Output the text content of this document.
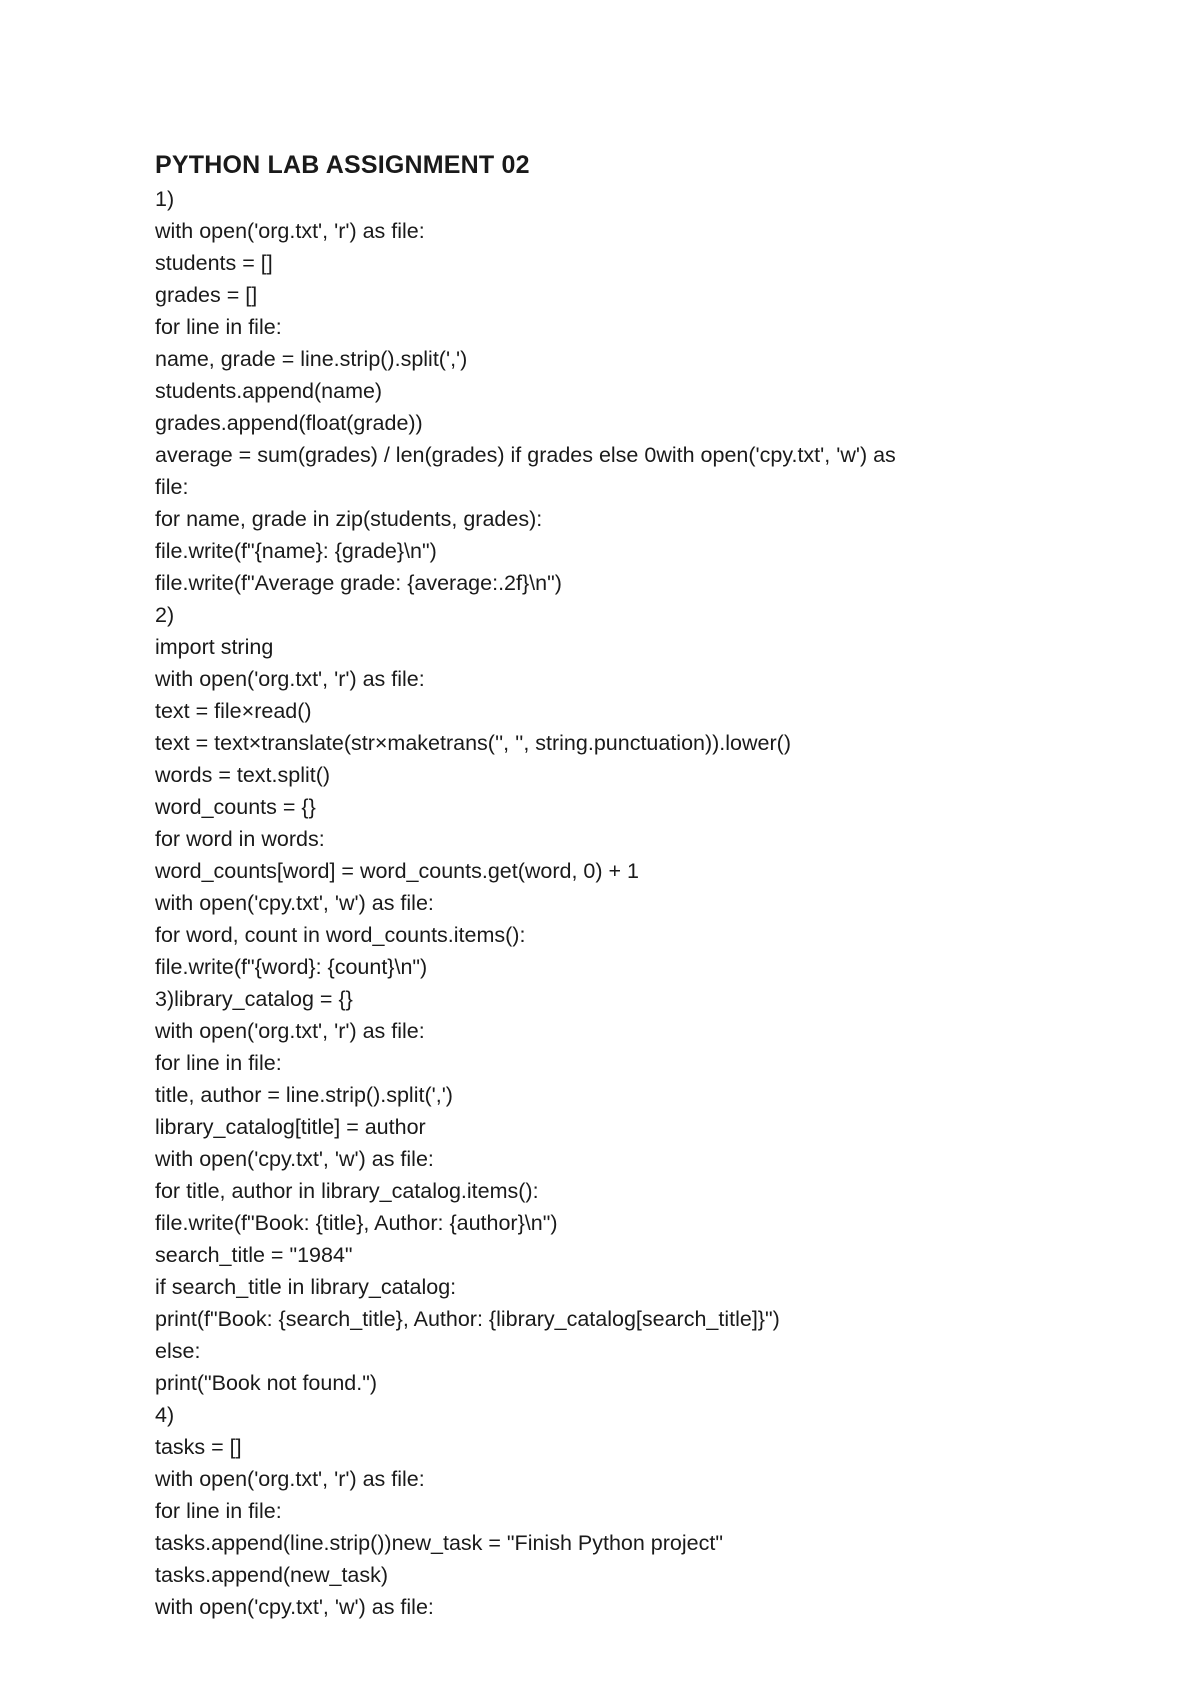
PYTHON LAB ASSIGNMENT 02
1)
with open('org.txt', 'r') as file:
students = []
grades = []
for line in file:
name, grade = line.strip().split(',')
students.append(name)
grades.append(float(grade))
average = sum(grades) / len(grades) if grades else 0with open('cpy.txt', 'w') as
file:
for name, grade in zip(students, grades):
file.write(f"{name}: {grade}\n")
file.write(f"Average grade: {average:.2f}\n")
2)
import string
with open('org.txt', 'r') as file:
text = file×read()
text = text×translate(str×maketrans('', '', string.punctuation)).lower()
words = text.split()
word_counts = {}
for word in words:
word_counts[word] = word_counts.get(word, 0) + 1
with open('cpy.txt', 'w') as file:
for word, count in word_counts.items():
file.write(f"{word}: {count}\n")
3)library_catalog = {}
with open('org.txt', 'r') as file:
for line in file:
title, author = line.strip().split(',')
library_catalog[title] = author
with open('cpy.txt', 'w') as file:
for title, author in library_catalog.items():
file.write(f"Book: {title}, Author: {author}\n")
search_title = "1984"
if search_title in library_catalog:
print(f"Book: {search_title}, Author: {library_catalog[search_title]}")
else:
print("Book not found.")
4)
tasks = []
with open('org.txt', 'r') as file:
for line in file:
tasks.append(line.strip())new_task = "Finish Python project"
tasks.append(new_task)
with open('cpy.txt', 'w') as file:
